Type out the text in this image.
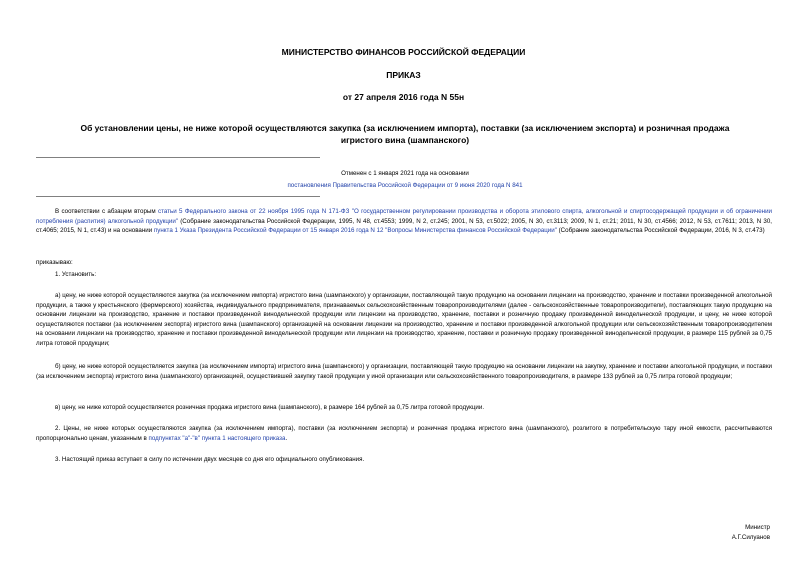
МИНИСТЕРСТВО ФИНАНСОВ РОССИЙСКОЙ ФЕДЕРАЦИИ
ПРИКАЗ
от 27 апреля 2016 года N 55н
Об установлении цены, не ниже которой осуществляются закупка (за исключением импорта), поставки (за исключением экспорта) и розничная продажа игристого вина (шампанского)
Отменен с 1 января 2021 года на основании
постановления Правительства Российской Федерации от 9 июня 2020 года N 841
В соответствии с абзацем вторым статьи 5 Федерального закона от 22 ноября 1995 года N 171-ФЗ "О государственном регулировании производства и оборота этилового спирта, алкогольной и спиртосодержащей продукции и об ограничении потребления (распития) алкогольной продукции" (Собрание законодательства Российской Федерации, 1995, N 48, ст.4553; 1999, N 2, ст.245; 2001, N 53, ст.5022; 2005, N 30, ст.3113; 2009, N 1, ст.21; 2011, N 30, ст.4566; 2012, N 53, ст.7611; 2013, N 30, ст.4065; 2015, N 1, ст.43) и на основании пункта 1 Указа Президента Российской Федерации от 15 января 2016 года N 12 "Вопросы Министерства финансов Российской Федерации" (Собрание законодательства Российской Федерации, 2016, N 3, ст.473)
приказываю:
1. Установить:
а) цену, не ниже которой осуществляются закупка (за исключением импорта) игристого вина (шампанского) у организации, поставляющей такую продукцию на основании лицензии на производство, хранение и поставки произведенной алкогольной продукции, а также у крестьянского (фермерского) хозяйства, индивидуального предпринимателя, признаваемых сельскохозяйственным товаропроизводителями (далее - сельскохозяйственные товаропроизводители), поставляющих такую продукцию на основании лицензии на производство, хранение и поставки произведенной винодельческой продукции или лицензии на производство, хранение, поставки и розничную продажу произведенной винодельческой продукции, и цену, не ниже которой осуществляются поставки (за исключением экспорта) игристого вина (шампанского) организацией на основании лицензии на производство, хранение и поставки произведенной алкогольной продукции или сельскохозяйственным товаропроизводителем на основании лицензии на производство, хранение и поставки произведенной винодельческой продукции или лицензии на производство, хранение, поставки и розничную продажу произведенной винодельческой продукции, в размере 115 рублей за 0,75 литра готовой продукции;
б) цену, не ниже которой осуществляется закупка (за исключением импорта) игристого вина (шампанского) у организации, поставляющей такую продукцию на основании лицензии на закупку, хранение и поставки алкогольной продукции, и поставки (за исключением экспорта) игристого вина (шампанского) организацией, осуществившей закупку такой продукции у иной организации или сельскохозяйственного товаропроизводителя, в размере 133 рублей за 0,75 литра готовой продукции;
в) цену, не ниже которой осуществляется розничная продажа игристого вина (шампанского), в размере 164 рублей за 0,75 литра готовой продукции.
2. Цены, не ниже которых осуществляются закупка (за исключением импорта), поставки (за исключением экспорта) и розничная продажа игристого вина (шампанского), розлитого в потребительскую тару иной емкости, рассчитываются пропорционально ценам, указанным в подпунктах "а"-"в" пункта 1 настоящего приказа.
3. Настоящий приказ вступает в силу по истечении двух месяцев со дня его официального опубликования.
Министр
А.Г.Силуанов
